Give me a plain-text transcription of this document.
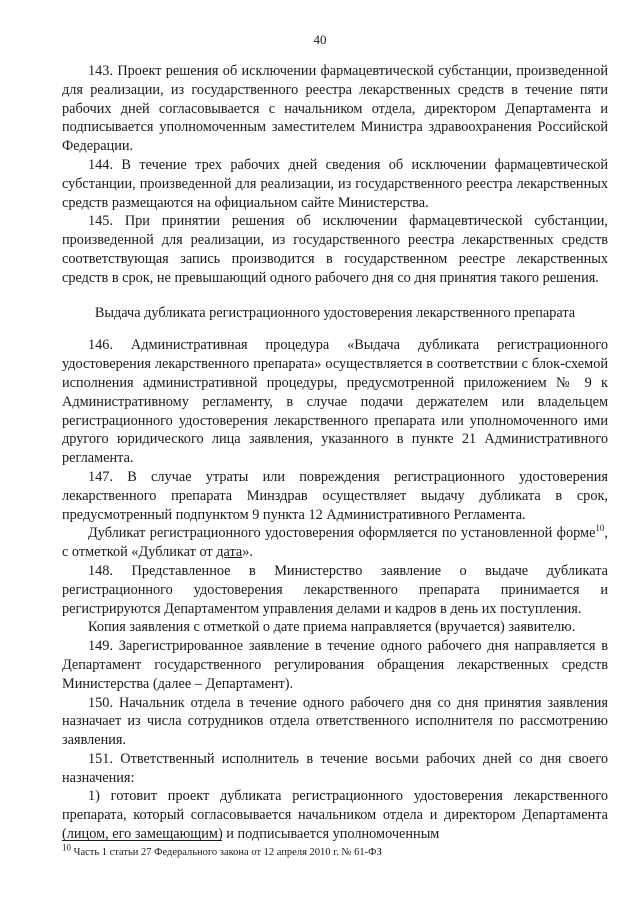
40

143. Проект решения об исключении фармацевтической субстанции, произведенной для реализации, из государственного реестра лекарственных средств в течение пяти рабочих дней согласовывается с начальником отдела, директором Департамента и подписывается уполномоченным заместителем Министра здравоохранения Российской Федерации.

144. В течение трех рабочих дней сведения об исключении фармацевтической субстанции, произведенной для реализации, из государственного реестра лекарственных средств размещаются на официальном сайте Министерства.

145. При принятии решения об исключении фармацевтической субстанции, произведенной для реализации, из государственного реестра лекарственных средств соответствующая запись производится в государственном реестре лекарственных средств в срок, не превышающий одного рабочего дня со дня принятия такого решения.

Выдача дубликата регистрационного удостоверения лекарственного препарата

146. Административная процедура «Выдача дубликата регистрационного удостоверения лекарственного препарата» осуществляется в соответствии с блок-схемой исполнения административной процедуры, предусмотренной приложением № 9 к Административному регламенту, в случае подачи держателем или владельцем регистрационного удостоверения лекарственного препарата или уполномоченного ими другого юридического лица заявления, указанного в пункте 21 Административного регламента.

147. В случае утраты или повреждения регистрационного удостоверения лекарственного препарата Минздрав осуществляет выдачу дубликата в срок, предусмотренный подпунктом 9 пункта 12 Административного Регламента.

Дубликат регистрационного удостоверения оформляется по установленной форме$^{10}$, с отметкой «Дубликат от дата».

148. Представленное в Министерство заявление о выдаче дубликата регистрационного удостоверения лекарственного препарата принимается и регистрируются Департаментом управления делами и кадров в день их поступления.

Копия заявления с отметкой о дате приема направляется (вручается) заявителю.

149. Зарегистрированное заявление в течение одного рабочего дня направляется в Департамент государственного регулирования обращения лекарственных средств Министерства (далее – Департамент).

150. Начальник отдела в течение одного рабочего дня со дня принятия заявления назначает из числа сотрудников отдела ответственного исполнителя по рассмотрению заявления.

151. Ответственный исполнитель в течение восьми рабочих дней со дня своего назначения:

1) готовит проект дубликата регистрационного удостоверения лекарственного препарата, который согласовывается начальником отдела и директором Департамента (лицом, его замещающим) и подписывается уполномоченным

$^{10}$ Часть 1 статьи 27 Федерального закона от 12 апреля 2010 г. № 61-ФЗ
